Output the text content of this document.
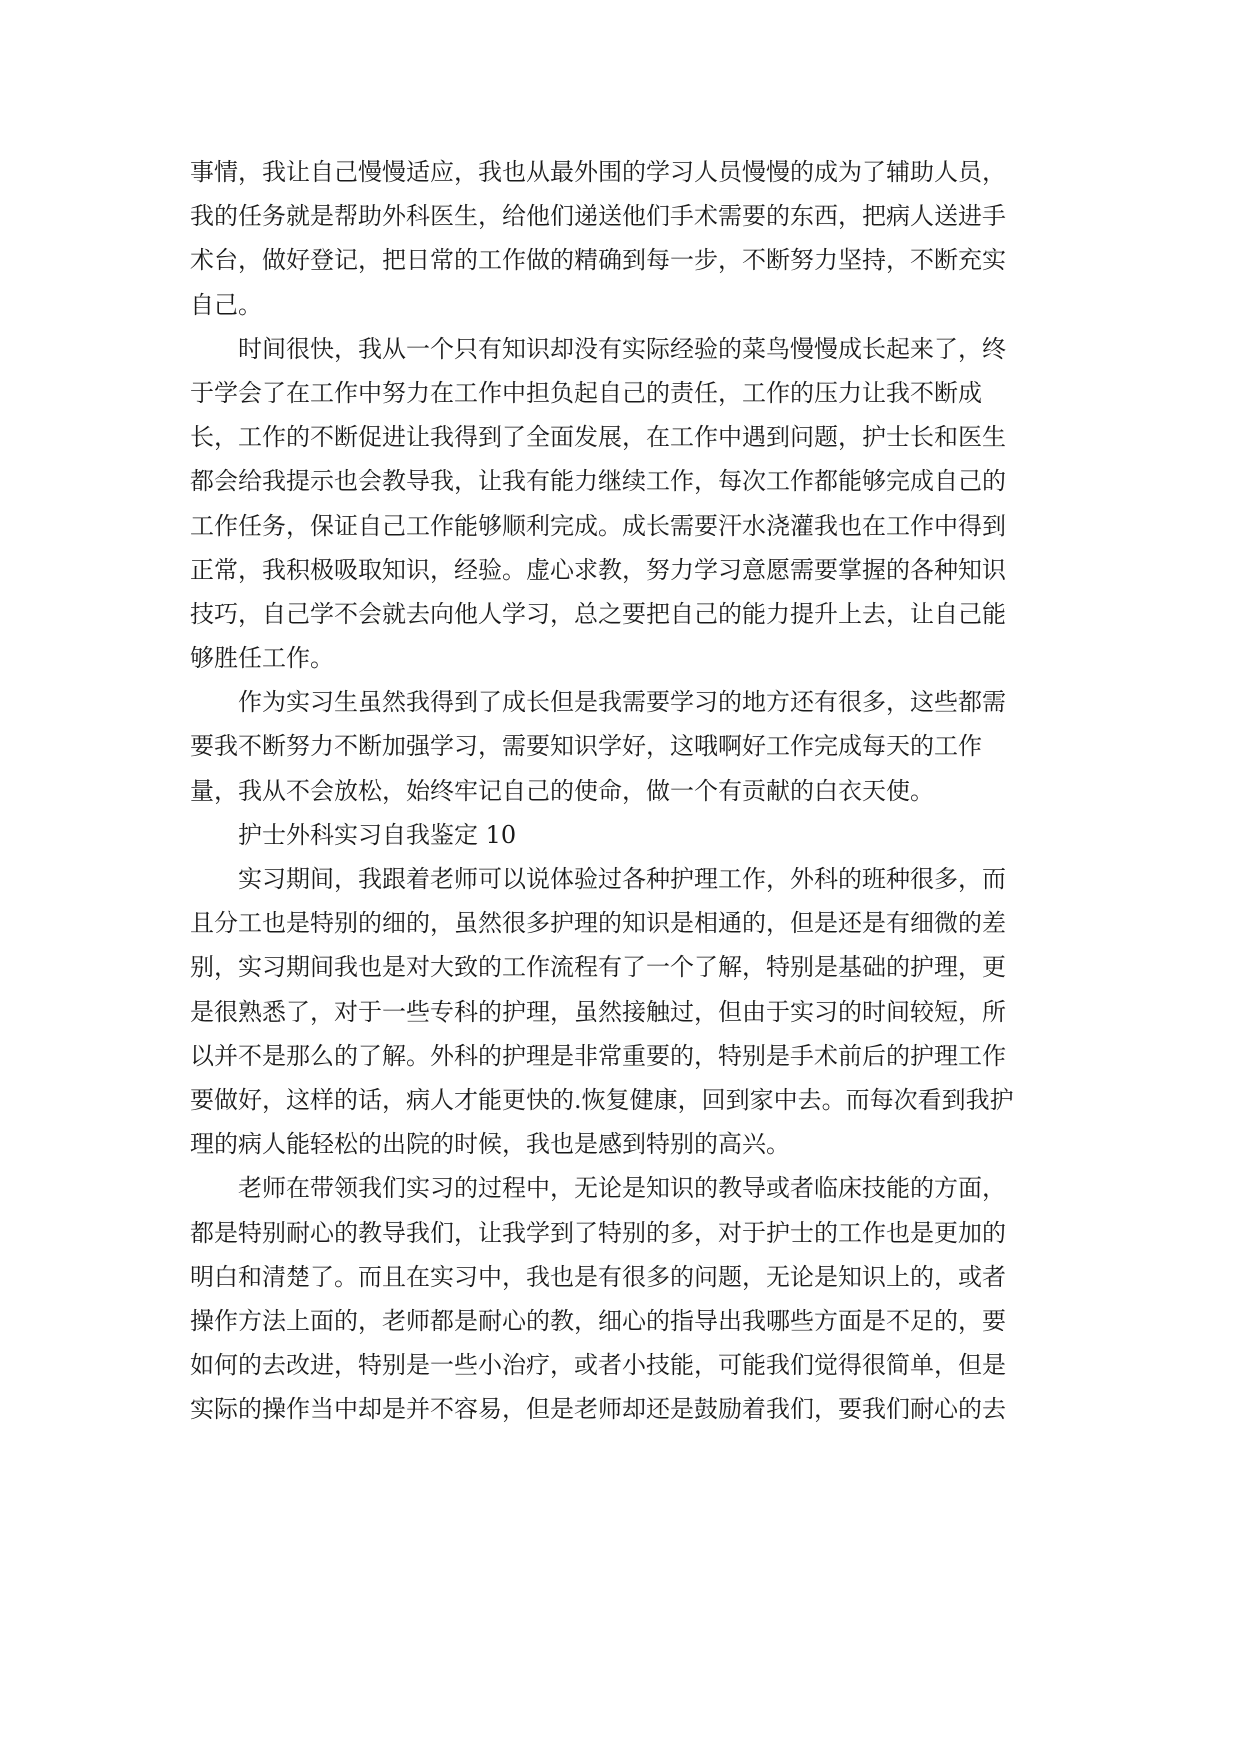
事情，我让自己慢慢适应，我也从最外围的学习人员慢慢的成为了辅助人员，
我的任务就是帮助外科医生，给他们递送他们手术需要的东西，把病人送进手
术台，做好登记，把日常的工作做的精确到每一步，不断努力坚持，不断充实
自己。
时间很快，我从一个只有知识却没有实际经验的菜鸟慢慢成长起来了，终
于学会了在工作中努力在工作中担负起自己的责任，工作的压力让我不断成
长，工作的不断促进让我得到了全面发展，在工作中遇到问题，护士长和医生
都会给我提示也会教导我，让我有能力继续工作，每次工作都能够完成自己的
工作任务，保证自己工作能够顺利完成。成长需要汗水浇灌我也在工作中得到
正常，我积极吸取知识，经验。虚心求教，努力学习意愿需要掌握的各种知识
技巧，自己学不会就去向他人学习，总之要把自己的能力提升上去，让自己能
够胜任工作。
作为实习生虽然我得到了成长但是我需要学习的地方还有很多，这些都需
要我不断努力不断加强学习，需要知识学好，这哦啊好工作完成每天的工作
量，我从不会放松，始终牢记自己的使命，做一个有贡献的白衣天使。
护士外科实习自我鉴定 10
实习期间，我跟着老师可以说体验过各种护理工作，外科的班种很多，而
且分工也是特别的细的，虽然很多护理的知识是相通的，但是还是有细微的差
别，实习期间我也是对大致的工作流程有了一个了解，特别是基础的护理，更
是很熟悉了，对于一些专科的护理，虽然接触过，但由于实习的时间较短，所
以并不是那么的了解。外科的护理是非常重要的，特别是手术前后的护理工作
要做好，这样的话，病人才能更快的.恢复健康，回到家中去。而每次看到我护
理的病人能轻松的出院的时候，我也是感到特别的高兴。
老师在带领我们实习的过程中，无论是知识的教导或者临床技能的方面，
都是特别耐心的教导我们，让我学到了特别的多，对于护士的工作也是更加的
明白和清楚了。而且在实习中，我也是有很多的问题，无论是知识上的，或者
操作方法上面的，老师都是耐心的教，细心的指导出我哪些方面是不足的，要
如何的去改进，特别是一些小治疗，或者小技能，可能我们觉得很简单，但是
实际的操作当中却是并不容易，但是老师却还是鼓励着我们，要我们耐心的去
